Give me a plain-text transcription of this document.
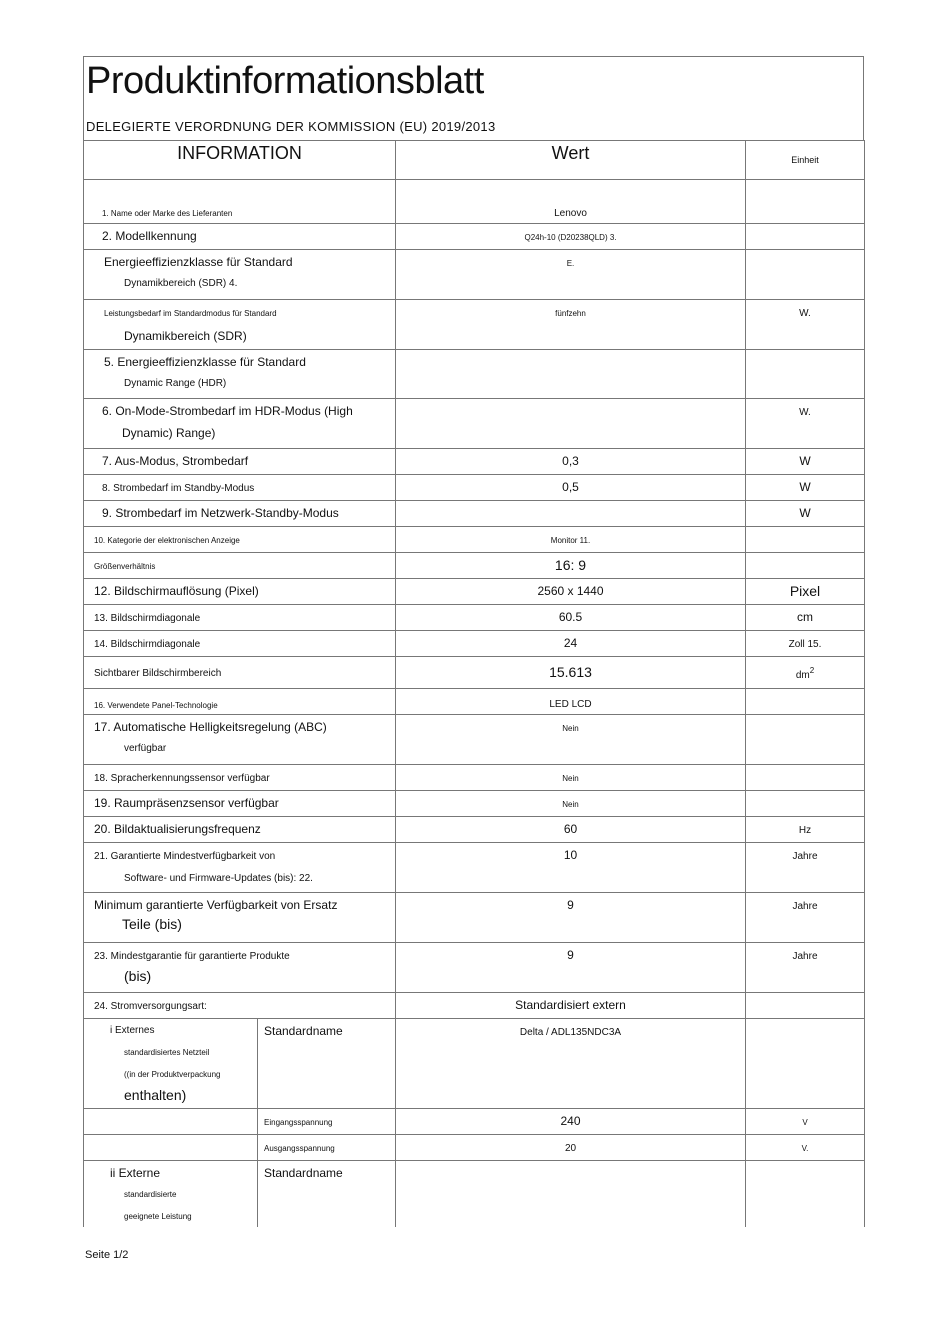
Produktinformationsblatt
DELEGIERTE VERORDNUNG DER KOMMISSION (EU) 2019/2013
INFORMATION		Wert	Einheit
1. Name oder Marke des Lieferanten		Lenovo	
2. Modellkennung		Q24h-10 (D20238QLD) 3.	
Energieeffizienzklasse für Standard
Dynamikbereich (SDR) 4.		E.	
Leistungsbedarf im Standardmodus für Standard
Dynamikbereich (SDR)		fünfzehn	W.
5. Energieeffizienzklasse für Standard
Dynamic Range (HDR)			

6. On-Mode-Strombedarf im HDR-Modus (High
Dynamic) Range)			W.
7. Aus-Modus, Strombedarf		0,3	W
8. Strombedarf im Standby-Modus		0,5	W
9. Strombedarf im Netzwerk-Standby-Modus			W
10. Kategorie der elektronischen Anzeige		Monitor 11.	
Größenverhältnis		16: 9	
12. Bildschirmauflösung (Pixel)		2560 x 1440	Pixel
13. Bildschirmdiagonale		60.5	cm
14. Bildschirmdiagonale		24	Zoll 15.
Sichtbarer Bildschirmbereich		15.613	$dm^2$
16. Verwendete Panel-Technologie		LED LCD	
17. Automatische Helligkeitsregelung (ABC)
verfügbar		Nein	
18. Spracherkennungssensor verfügbar		Nein	
19. Raumpräsenzsensor verfügbar		Nein	
20. Bildaktualisierungsfrequenz		60	Hz
21. Garantierte Mindestverfügbarkeit von
Software- und Firmware-Updates (bis): 22.		10	Jahre
Minimum garantierte Verfügbarkeit von Ersatz
Teile (bis)		9	Jahre
23. Mindestgarantie für garantierte Produkte
(bis)		9	Jahre
24. Stromversorgungsart:		Standardisiert extern	

i Externes
standardisiertes Netzteil
((in der Produktverpackung
enthalten)	Standardname	Delta / ADL135NDC3A	
	Eingangsspannung	240	V
	Ausgangsspannung	20	V.

ii Externe
standardisierte
geeignete Leistung	Standardname		
Seite 1/2
